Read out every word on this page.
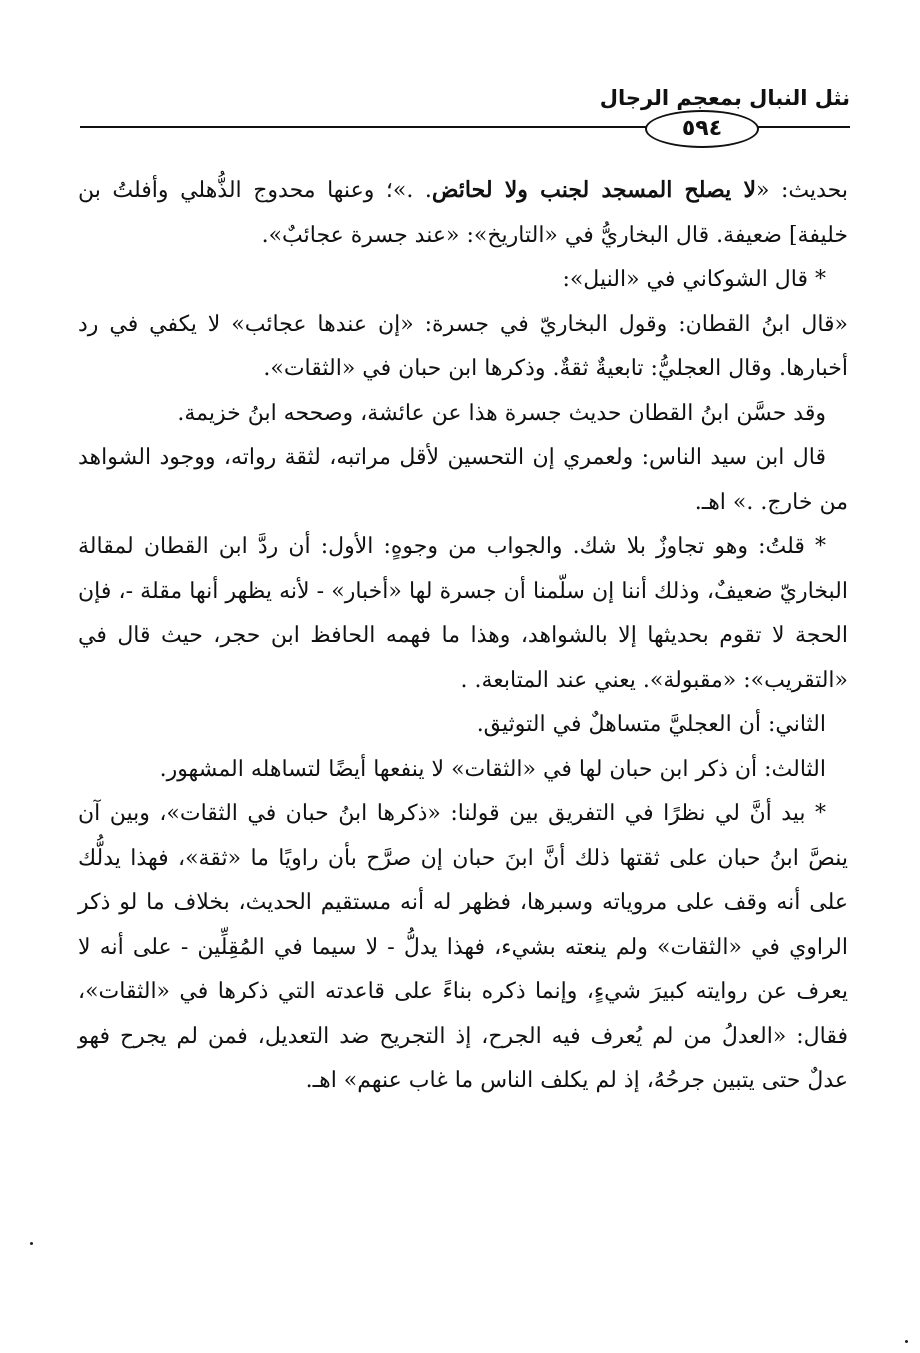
نثل النبال بمعجم الرجال
٥٩٤

بحديث: «لا يصلح المسجد لجنب ولا لحائض. .»؛ وعنها محدوج الذُّهلي وأفلتُ بن خليفة] ضعيفة. قال البخاريُّ في «التاريخ»: «عند جسرة عجائبٌ».

* قال الشوكاني في «النيل»:

«قال ابنُ القطان: وقول البخاريّ في جسرة: «إن عندها عجائب» لا يكفي في رد أخبارها. وقال العجليُّ: تابعيةٌ ثقةٌ. وذكرها ابن حبان في «الثقات».

وقد حسَّن ابنُ القطان حديث جسرة هذا عن عائشة، وصححه ابنُ خزيمة.

قال ابن سيد الناس: ولعمري إن التحسين لأقل مراتبه، لثقة رواته، ووجود الشواهد من خارج. .» اهـ.

* قلتُ: وهو تجاوزٌ بلا شك. والجواب من وجوهٍ: الأول: أن ردَّ ابن القطان لمقالة البخاريّ ضعيفٌ، وذلك أننا إن سلّمنا أن جسرة لها «أخبار» - لأنه يظهر أنها مقلة -، فإن الحجة لا تقوم بحديثها إلا بالشواهد، وهذا ما فهمه الحافظ ابن حجر، حيث قال في «التقريب»: «مقبولة». يعني عند المتابعة. .

الثاني: أن العجليَّ متساهلٌ في التوثيق.

الثالث: أن ذكر ابن حبان لها في «الثقات» لا ينفعها أيضًا لتساهله المشهور.

* بيد أنَّ لي نظرًا في التفريق بين قولنا: «ذكرها ابنُ حبان في الثقات»، وبين آن ينصَّ ابنُ حبان على ثقتها ذلك أنَّ ابنَ حبان إن صرَّح بأن راويًا ما «ثقة»، فهذا يدلُّك على أنه وقف على مروياته وسبرها، فظهر له أنه مستقيم الحديث، بخلاف ما لو ذكر الراوي في «الثقات» ولم ينعته بشيء، فهذا يدلُّ - لا سيما في المُقِلِّين - على أنه لا يعرف عن روايته كبيرَ شيءٍ، وإنما ذكره بناءً على قاعدته التي ذكرها في «الثقات»، فقال: «العدلُ من لم يُعرف فيه الجرح، إذ التجريح ضد التعديل، فمن لم يجرح فهو عدلٌ حتى يتبين جرحُهُ، إذ لم يكلف الناس ما غاب عنهم» اهـ.
